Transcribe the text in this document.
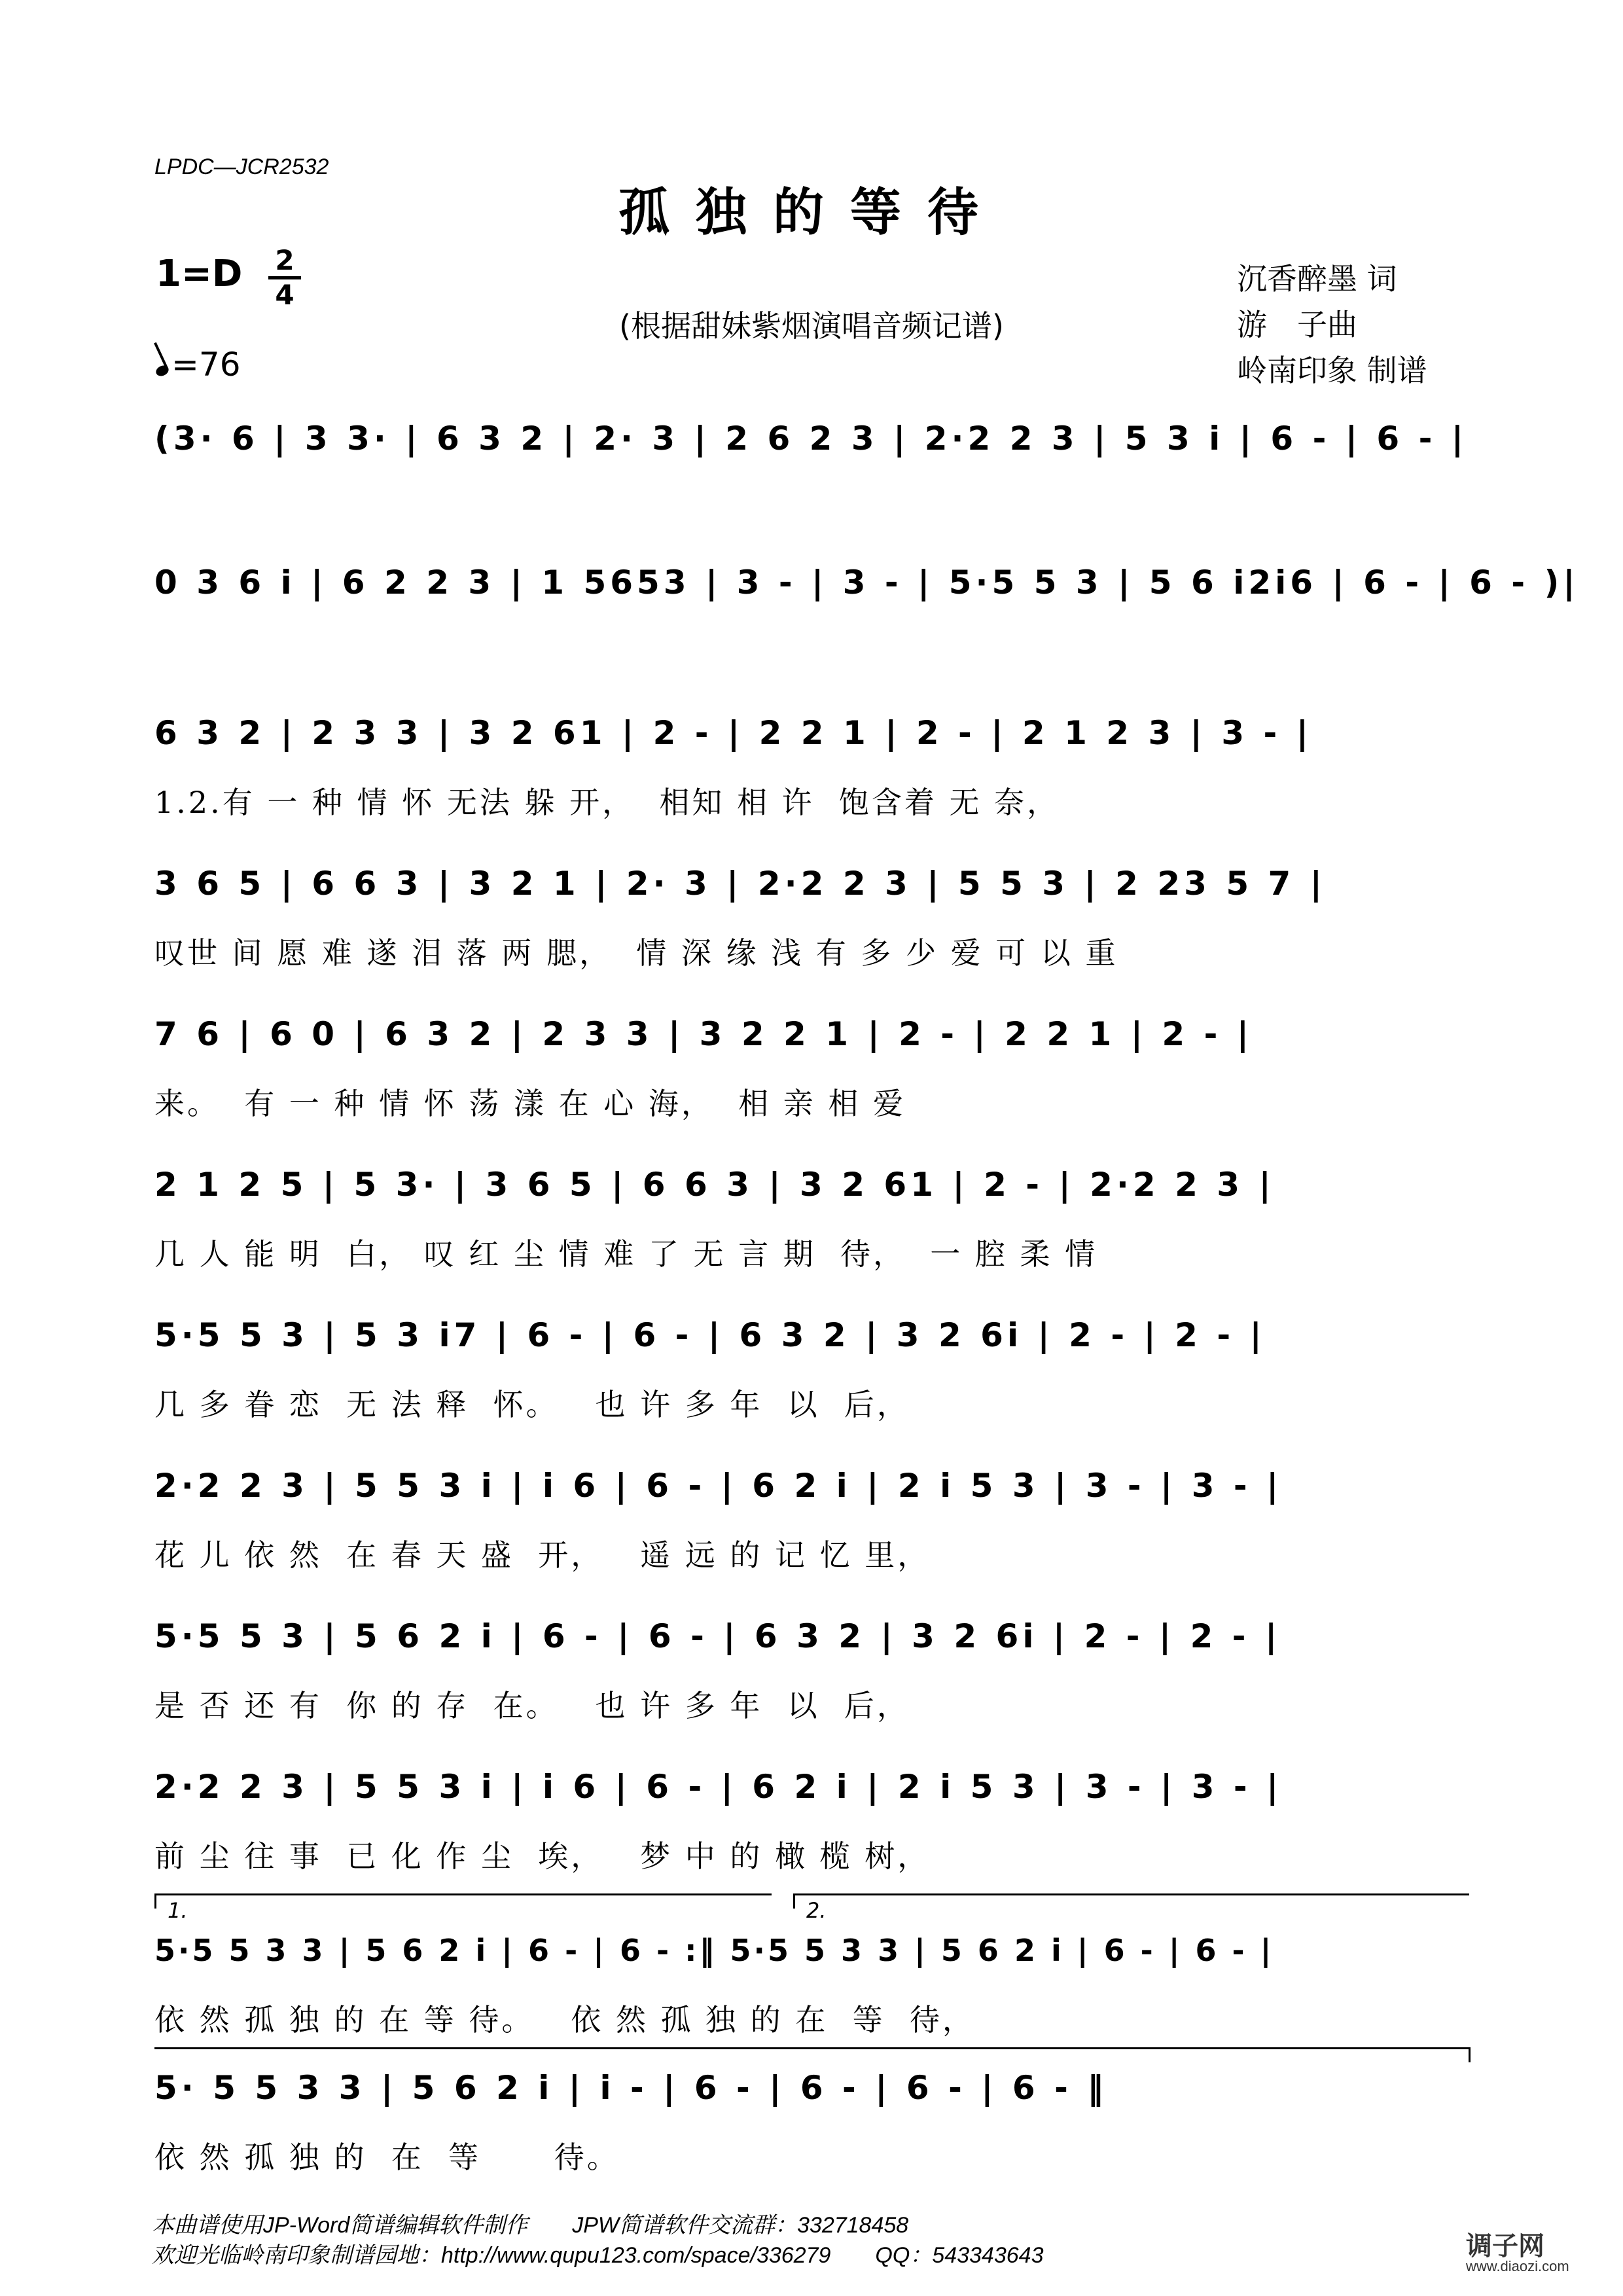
LPDC—JCR2532
孤独的等待
1=D 2
4
=76
(根据甜妹紫烟演唱音频记谱)
沉香醉墨 词
游　子曲
岭南印象 制谱
(3· 6 | 3 3· | 6 3 2 | 2· 3 | 2 6 2 3 | 2·2 2 3 | 5 3 i | 6 - | 6 - |
0 3 6 i | 6 2 2 3 | 1 5653 | 3 - | 3 - | 5·5 5 3 | 5 6 i2i6 | 6 - | 6 - )|
6 3 2 | 2 3 3 | 3 2 61 | 2 - | 2 2 1 | 2 - | 2 1 2 3 | 3 - |
1.2.有 一 种 情 怀 无法 躲 开，  相知 相 许  饱含着 无 奈，
3 6 5 | 6 6 3 | 3 2 1 | 2· 3 | 2·2 2 3 | 5 5 3 | 2 23 5 7 |
叹世 间 愿 难 遂 泪 落 两 腮，  情 深 缘 浅 有 多 少 爱 可 以 重
7 6 | 6 0 | 6 3 2 | 2 3 3 | 3 2 2 1 | 2 - | 2 2 1 | 2 - |
来。  有 一 种 情 怀 荡 漾 在 心 海，  相 亲 相 爱
2 1 2 5 | 5 3· | 3 6 5 | 6 6 3 | 3 2 61 | 2 - | 2·2 2 3 |
几 人 能 明  白， 叹 红 尘 情 难 了 无 言 期  待，  一 腔 柔 情
5·5 5 3 | 5 3 i7 | 6 - | 6 - | 6 3 2 | 3 2 6i | 2 - | 2 - |
几 多 眷 恋  无 法 释  怀。   也 许 多 年  以  后，
2·2 2 3 | 5 5 3 i | i 6 | 6 - | 6 2 i | 2 i 5 3 | 3 - | 3 - |
花 儿 依 然  在 春 天 盛  开，   遥 远 的 记 忆 里，
5·5 5 3 | 5 6 2 i | 6 - | 6 - | 6 3 2 | 3 2 6i | 2 - | 2 - |
是 否 还 有  你 的 存  在。   也 许 多 年  以  后，
2·2 2 3 | 5 5 3 i | i 6 | 6 - | 6 2 i | 2 i 5 3 | 3 - | 3 - |
前 尘 往 事  已 化 作 尘  埃，   梦 中 的 橄 榄 树，
1.	2.
5·5 5 3 3 | 5 6 2 i | 6 - | 6 - :‖ 5·5 5 3 3 | 5 6 2 i | 6 - | 6 - |
依 然 孤 独 的 在 等 待。   依 然 孤 独 的 在  等  待，
5· 5 5 3 3 | 5 6 2 i | i - | 6 - | 6 - | 6 - | 6 - ‖
依 然 孤 独 的  在  等      待。
本曲谱使用JP-Word简谱编辑软件制作　　JPW简谱软件交流群：332718458
欢迎光临岭南印象制谱园地：http://www.qupu123.com/space/336279　　QQ：543343643	调子网
www.diaozi.com
